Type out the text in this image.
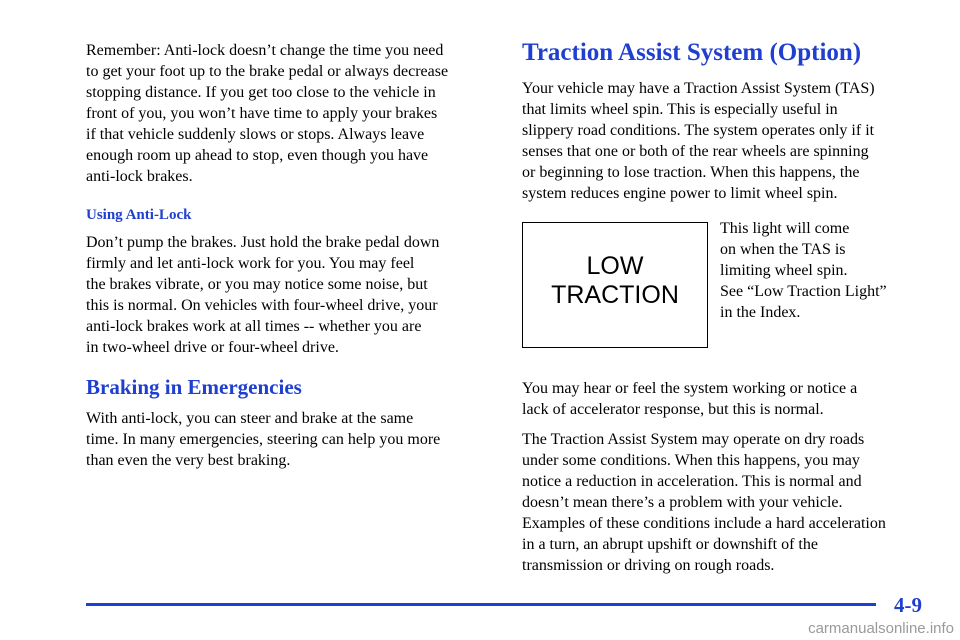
Remember: Anti-lock doesn’t change the time you need
to get your foot up to the brake pedal or always decrease
stopping distance. If you get too close to the vehicle in
front of you, you won’t have time to apply your brakes
if that vehicle suddenly slows or stops. Always leave
enough room up ahead to stop, even though you have
anti-lock brakes.

Using Anti-Lock

Don’t pump the brakes. Just hold the brake pedal down
firmly and let anti-lock work for you. You may feel
the brakes vibrate, or you may notice some noise, but
this is normal. On vehicles with four-wheel drive, your
anti-lock brakes work at all times -- whether you are
in two-wheel drive or four-wheel drive.

Braking in Emergencies

With anti-lock, you can steer and brake at the same
time. In many emergencies, steering can help you more
than even the very best braking.

Traction Assist System (Option)

Your vehicle may have a Traction Assist System (TAS)
that limits wheel spin. This is especially useful in
slippery road conditions. The system operates only if it
senses that one or both of the rear wheels are spinning
or beginning to lose traction. When this happens, the
system reduces engine power to limit wheel spin.

LOW
TRACTION

This light will come
on when the TAS is
limiting wheel spin.
See “Low Traction Light”
in the Index.

You may hear or feel the system working or notice a
lack of accelerator response, but this is normal.

The Traction Assist System may operate on dry roads
under some conditions. When this happens, you may
notice a reduction in acceleration. This is normal and
doesn’t mean there’s a problem with your vehicle.
Examples of these conditions include a hard acceleration
in a turn, an abrupt upshift or downshift of the
transmission or driving on rough roads.

4-9
carmanualsonline.info
